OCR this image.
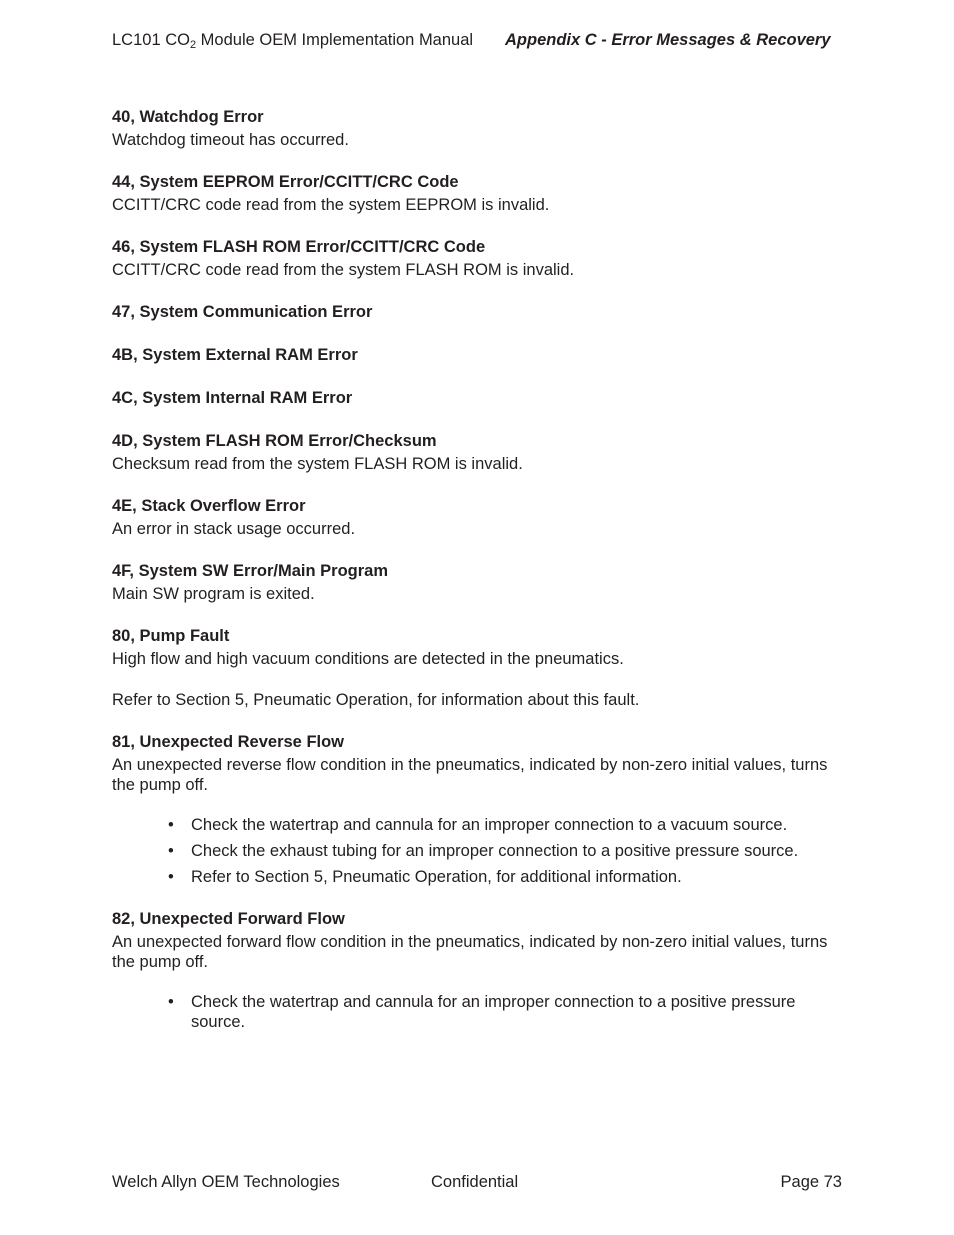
LC101 $CO_2$ Module OEM Implementation Manual Appendix C - Error Messages & Recovery
40, Watchdog Error

Watchdog timeout has occurred.

44, System EEPROM Error/CCITT/CRC Code

CCITT/CRC code read from the system EEPROM is invalid.

46, System FLASH ROM Error/CCITT/CRC Code

CCITT/CRC code read from the system FLASH ROM is invalid.

47, System Communication Error
4B, System External RAM Error
4C, System Internal RAM Error
4D, System FLASH ROM Error/Checksum

Checksum read from the system FLASH ROM is invalid.

4E, Stack Overflow Error

An error in stack usage occurred.

4F, System SW Error/Main Program

Main SW program is exited.

80, Pump Fault

High flow and high vacuum conditions are detected in the pneumatics.

Refer to Section 5, Pneumatic Operation, for information about this fault.

81, Unexpected Reverse Flow

An unexpected reverse flow condition in the pneumatics, indicated by non-zero initial values, turns the pump off.

• Check the watertrap and cannula for an improper connection to a vacuum source.
• Check the exhaust tubing for an improper connection to a positive pressure source.
• Refer to Section 5, Pneumatic Operation, for additional information.
82, Unexpected Forward Flow

An unexpected forward flow condition in the pneumatics, indicated by non-zero initial values, turns the pump off.

• Check the watertrap and cannula for an improper connection to a positive pressure source.
Welch Allyn OEM Technologies	Confidential	Page 73
